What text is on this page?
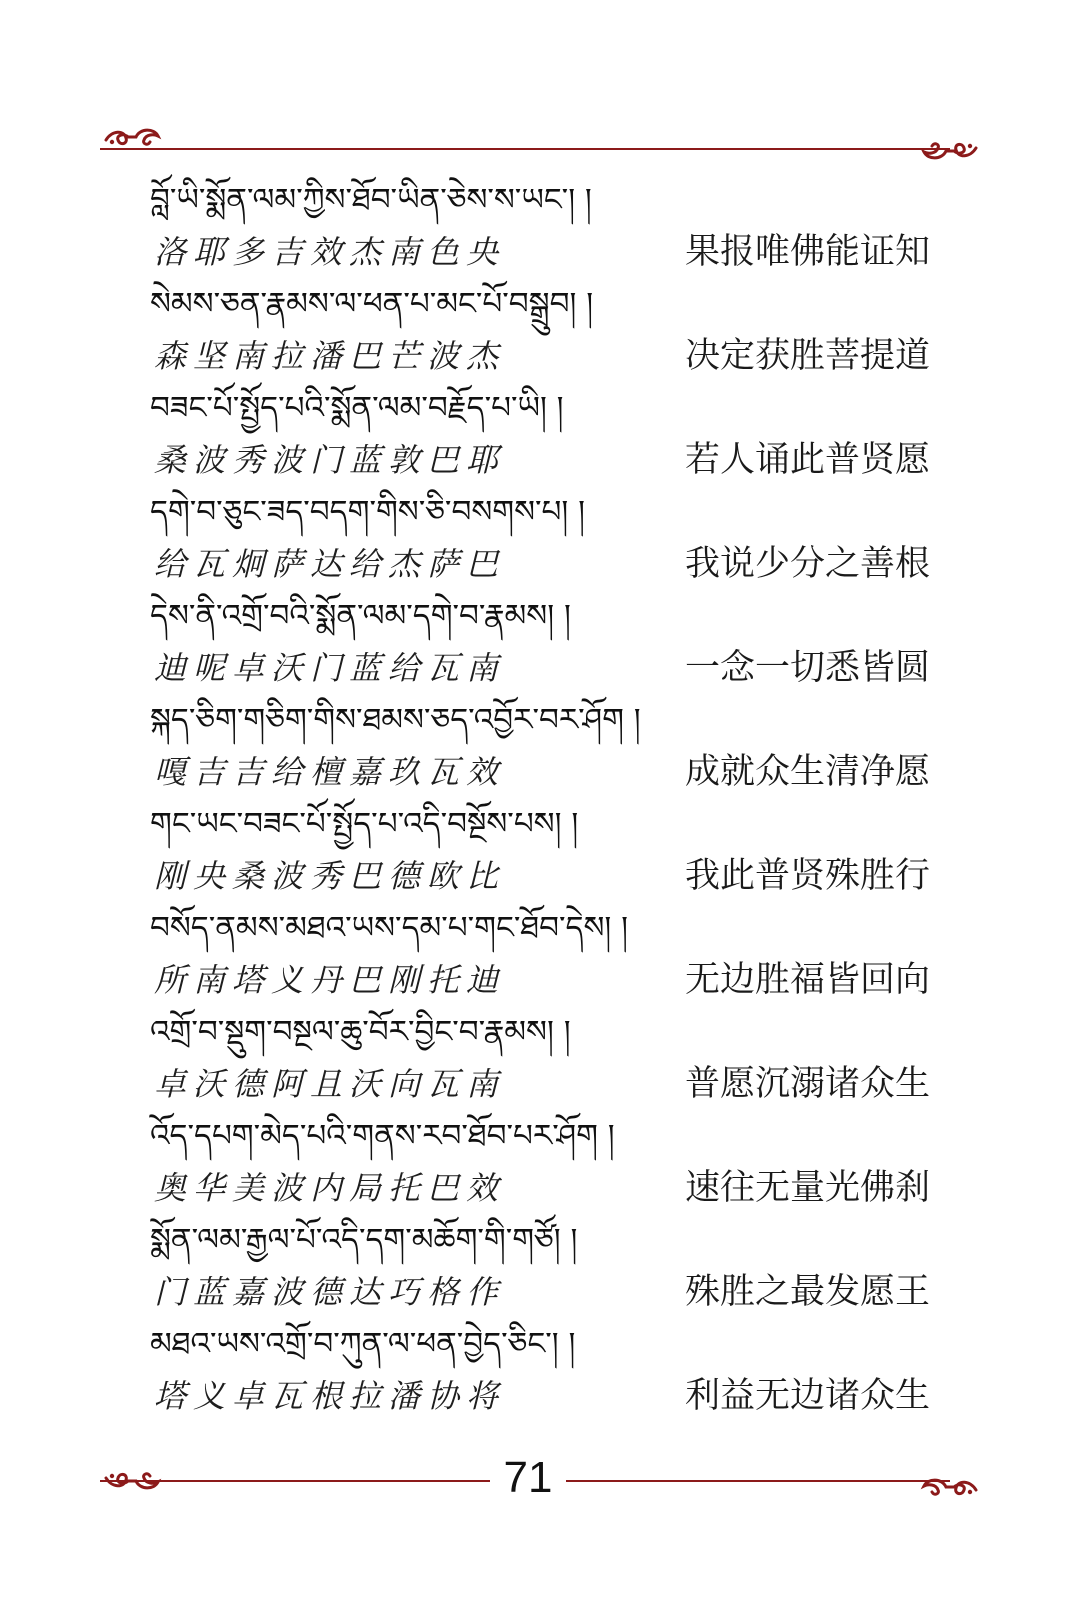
བློ་ཡི་སྨོན་ལམ་ཀྱིས་ཐོབ་ཡིན་ཅེས་ས་ཡང་། །
洛耶多吉效杰南色央	果报唯佛能证知
སེམས་ཅན་རྣམས་ལ་ཕན་པ་མང་པོ་བསྒྲུབ། །
森坚南拉潘巴芒波杰	决定获胜菩提道
བཟང་པོ་སྤྱོད་པའི་སྨོན་ལམ་བརྗོད་པ་ཡི། །
桑波秀波门蓝敦巴耶	若人诵此普贤愿
དགེ་བ་ཅུང་ཟད་བདག་གིས་ཅི་བསགས་པ། །
给瓦炯萨达给杰萨巴	我说少分之善根
དེས་ནི་འགྲོ་བའི་སྨོན་ལམ་དགེ་བ་རྣམས། །
迪呢卓沃门蓝给瓦南	一念一切悉皆圆
སྐད་ཅིག་གཅིག་གིས་ཐམས་ཅད་འབྱོར་བར་ཤོག །
嘎吉吉给檀嘉玖瓦效	成就众生清净愿
གང་ཡང་བཟང་པོ་སྤྱོད་པ་འདི་བསྔོས་པས། །
刚央桑波秀巴德欧比	我此普贤殊胜行
བསོད་ནམས་མཐའ་ཡས་དམ་པ་གང་ཐོབ་དེས། །
所南塔义丹巴刚托迪	无边胜福皆回向
འགྲོ་བ་སྡུག་བསྔལ་ཆུ་བོར་བྱིང་བ་རྣམས། །
卓沃德阿且沃向瓦南	普愿沉溺诸众生
འོད་དཔག་མེད་པའི་གནས་རབ་ཐོབ་པར་ཤོག །
奥华美波内局托巴效	速往无量光佛刹
སྨོན་ལམ་རྒྱལ་པོ་འདི་དག་མཆོག་གི་གཙོ། །
门蓝嘉波德达巧格作	殊胜之最发愿王
མཐའ་ཡས་འགྲོ་བ་ཀུན་ལ་ཕན་བྱེད་ཅིང་། །
塔义卓瓦根拉潘协将	利益无边诸众生
71
